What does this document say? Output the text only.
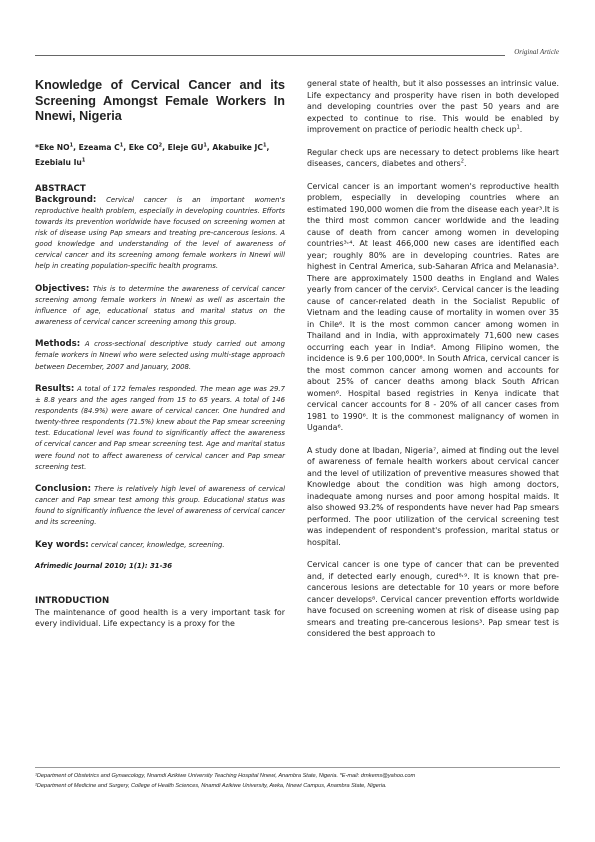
Original Article
Knowledge of Cervical Cancer and its Screening Amongst Female Workers In Nnewi, Nigeria

*Eke $NO^1$, Ezeama $C^1$, Eke $CO^2$, Eleje $GU^1$, Akabuike $JC^1$, Ezebialu Iu$^1$

ABSTRACT

Background: Cervical cancer is an important women's reproductive health problem, especially in developing countries. Efforts towards its prevention worldwide have focused on screening women at risk of disease using Pap smears and treating pre-cancerous lesions. A good knowledge and understanding of the level of awareness of cervical cancer and its screening among female workers in Nnewi will help in creating population-specific health programs.

Objectives: This is to determine the awareness of cervical cancer screening among female workers in Nnewi as well as ascertain the influence of age, educational status and marital status on the awareness of cervical cancer screening among this group.

Methods: A cross-sectional descriptive study carried out among female workers in Nnewi who were selected using multi-stage approach between December, 2007 and January, 2008.

Results: A total of 172 females responded. The mean age was 29.7 ± 8.8 years and the ages ranged from 15 to 65 years. A total of 146 respondents (84.9%) were aware of cervical cancer. One hundred and twenty-three respondents (71.5%) knew about the Pap smear screening test. Educational level was found to significantly affect the awareness of cervical cancer and Pap smear screening test. Age and marital status were found not to affect awareness of cervical cancer and Pap smear screening test.

Conclusion: There is relatively high level of awareness of cervical cancer and Pap smear test among this group. Educational status was found to significantly influence the level of awareness of cervical cancer and its screening.

Key words: cervical cancer, knowledge, screening.

Afrimedic Journal 2010; 1(1): 31-36

INTRODUCTION

The maintenance of good health is a very important task for every individual. Life expectancy is a proxy for the

general state of health, but it also possesses an intrinsic value. Life expectancy and prosperity have risen in both developed and developing countries over the past 50 years and are expected to continue to rise. This would be enabled by improvement on practice of periodic health check $up^1$.

Regular check ups are necessary to detect problems like heart diseases, cancers, diabetes and others$^2$.

Cervical cancer is an important women's reproductive health problem, especially in developing countries where an estimated 190,000 women die from the disease each year³.It is the third most common cancer worldwide and the leading cause of death from cancer among women in developing countries³˒⁴. At least 466,000 new cases are identified each year; roughly 80% are in developing countries. Rates are highest in Central America, sub-Saharan Africa and Melanasia³. There are approximately 1500 deaths in England and Wales yearly from cancer of the cervix⁵. Cervical cancer is the leading cause of cancer-related death in the Socialist Republic of Vietnam and the leading cause of mortality in women over 35 in Chile⁶. It is the most common cancer among women in Thailand and in India, with approximately 71,600 new cases occurring each year in India⁶. Among Filipino women, the incidence is 9.6 per 100,000⁶. In South Africa, cervical cancer is the most common cancer among women and accounts for about 25% of cancer deaths among black South African women⁶. Hospital based registries in Kenya indicate that cervical cancer accounts for 8 - 20% of all cancer cases from 1981 to 1990⁶. It is the commonest malignancy of women in Uganda⁶.

A study done at Ibadan, Nigeria⁷, aimed at finding out the level of awareness of female health workers about cervical cancer and the level of utilization of preventive measures showed that Knowledge about the condition was high among doctors, inadequate among nurses and poor among hospital maids. It also showed 93.2% of respondents have never had Pap smears performed. The poor utilization of the cervical screening test was independent of respondent's profession, marital status or hospital.

Cervical cancer is one type of cancer that can be prevented and, if detected early enough, cured⁸˒⁹. It is known that pre-cancerous lesions are detectable for 10 years or more before cancer develops⁸. Cervical cancer prevention efforts worldwide have focused on screening women at risk of disease using pap smears and treating pre-cancerous lesions³. Pap smear test is considered the best approach to

¹Department of Obstetrics and Gynaecology, Nnamdi Azikiwe University Teaching Hospital Nnewi, Anambra State, Nigeria. *E-mail: drnkems@yahoo.com

²Department of Medicine and Surgery, College of Health Sciences, Nnamdi Azikiwe University, Awka, Nnewi Campus, Anambra State, Nigeria.
